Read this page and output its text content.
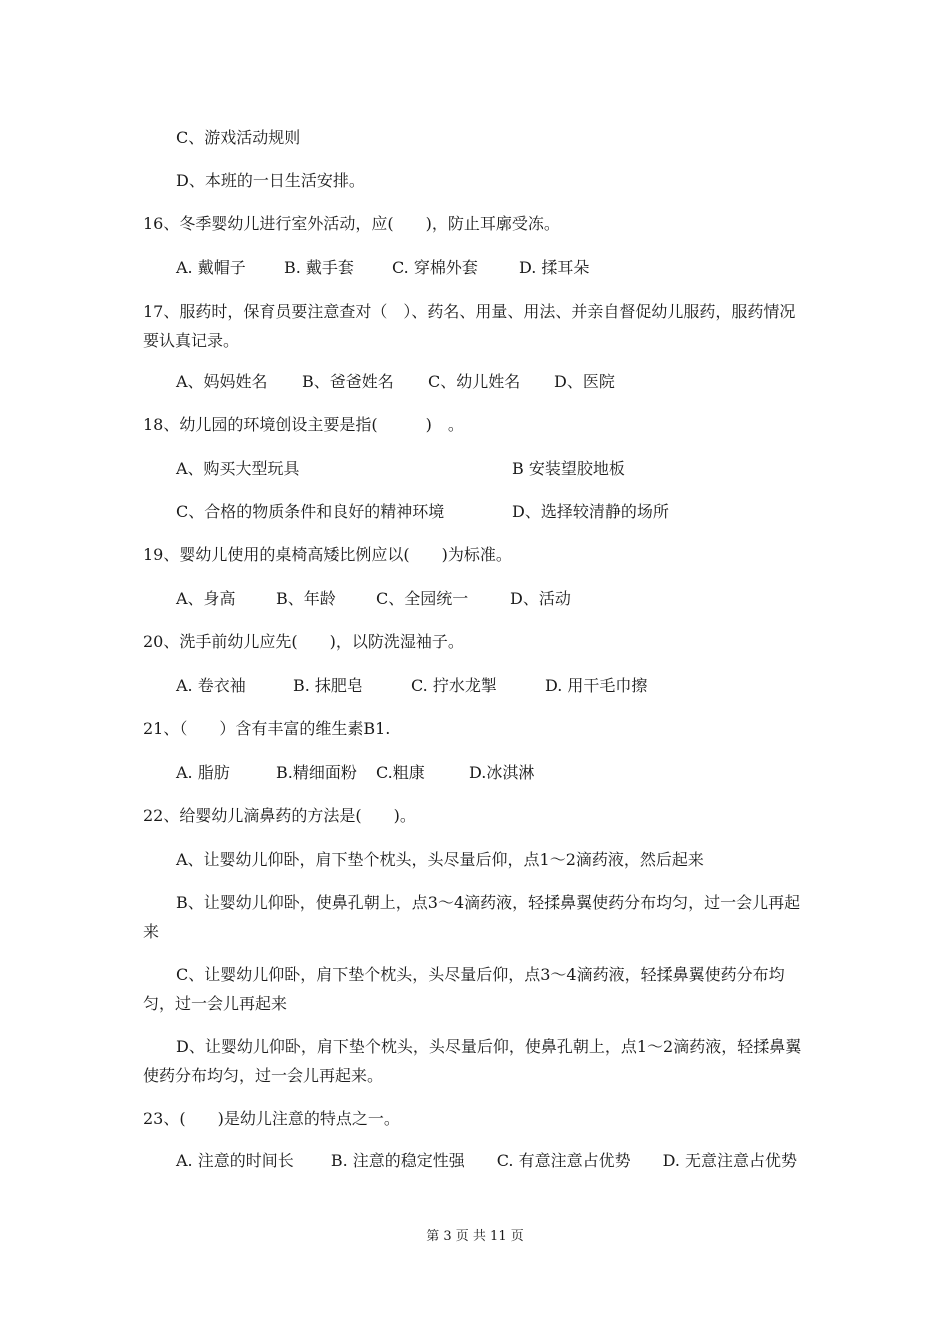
C、游戏活动规则
D、本班的一日生活安排。
16、冬季婴幼儿进行室外活动，应(　　)，防止耳廓受冻。
A. 戴帽子 B. 戴手套 C. 穿棉外套	D. 揉耳朵
17、服药时，保育员要注意查对（　）、药名、用量、用法、并亲自督促幼儿服药，服药情况要认真记录。
A、妈妈姓名 B、爸爸姓名 C、幼儿姓名 D、医院
18、幼儿园的环境创设主要是指(　　　)　。
A、购买大型玩具	B 安装望胶地板
C、合格的物质条件和良好的精神环境	D、选择较清静的场所
19、婴幼儿使用的桌椅高矮比例应以(　　)为标准。
A、身高	B、年龄	C、全园统一	D、活动
20、洗手前幼儿应先(　　)，以防洗湿袖子。
A. 卷衣袖	B. 抹肥皂	C. 拧水龙掣	D. 用干毛巾擦
21、（　　）含有丰富的维生素B1.
A. 脂肪	B.精细面粉 C.粗康	D.冰淇淋
22、给婴幼儿滴鼻药的方法是(　　)。
A、让婴幼儿仰卧，肩下垫个枕头，头尽量后仰，点1～2滴药液，然后起来
B、让婴幼儿仰卧，使鼻孔朝上，点3～4滴药液，轻揉鼻翼使药分布均匀，过一会儿再起来
C、让婴幼儿仰卧，肩下垫个枕头，头尽量后仰，点3～4滴药液，轻揉鼻翼使药分布均匀，过一会儿再起来
D、让婴幼儿仰卧，肩下垫个枕头，头尽量后仰，使鼻孔朝上，点1～2滴药液，轻揉鼻翼使药分布均匀，过一会儿再起来。
23、(　　)是幼儿注意的特点之一。
A. 注意的时间长　　 B. 注意的稳定性强　　C. 有意注意占优势　　D. 无意注意占优势
第 3 页 共 11 页
